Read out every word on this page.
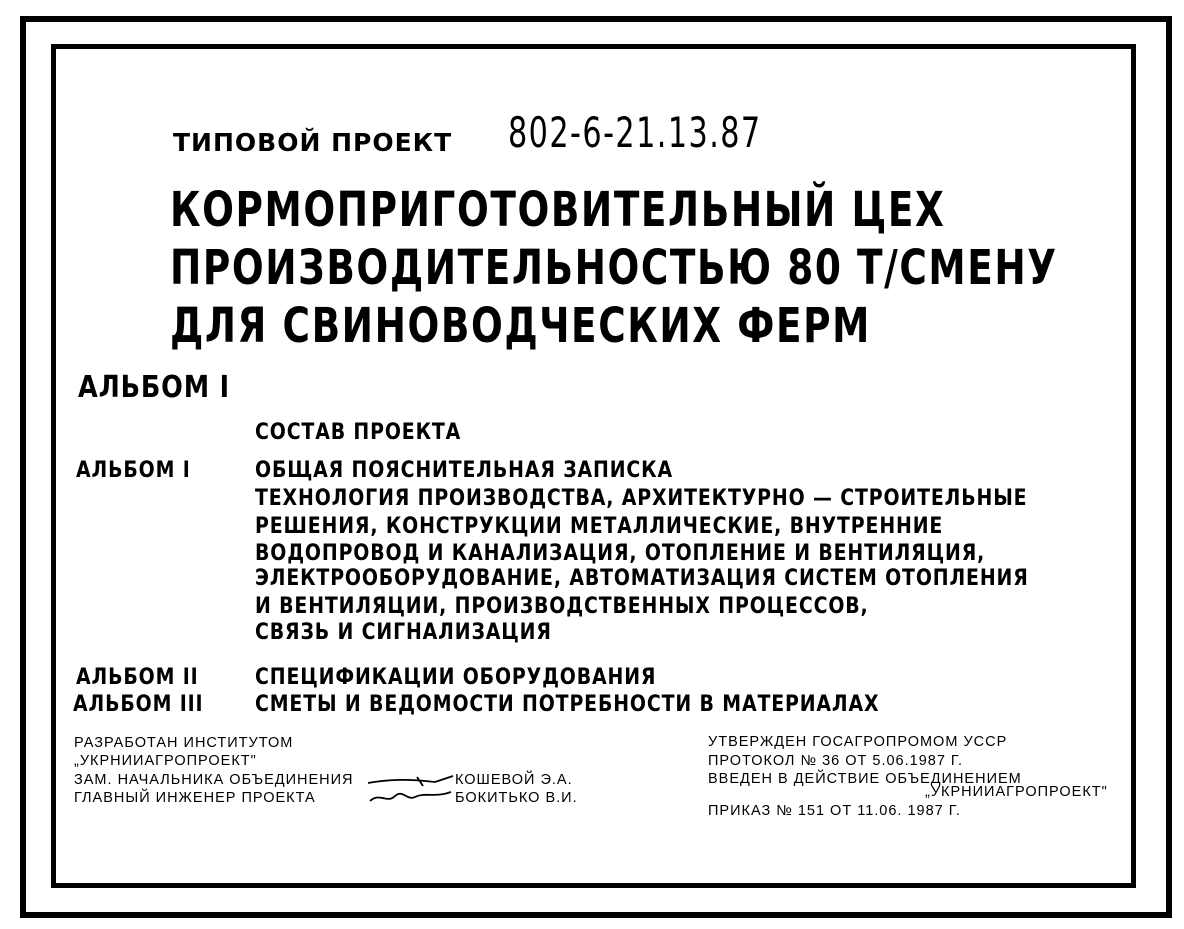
ТИПОВОЙ ПРОЕКТ 802-6-21.13.87
КОРМОПРИГОТОВИТЕЛЬНЫЙ ЦЕХ
ПРОИЗВОДИТЕЛЬНОСТЬЮ 80 Т/СМЕНУ
ДЛЯ СВИНОВОДЧЕСКИХ ФЕРМ
АЛЬБОМ I
СОСТАВ ПРОЕКТА
АЛЬБОМ I	ОБЩАЯ ПОЯСНИТЕЛЬНАЯ ЗАПИСКА
ТЕХНОЛОГИЯ ПРОИЗВОДСТВА, АРХИТЕКТУРНО — СТРОИТЕЛЬНЫЕ
РЕШЕНИЯ, КОНСТРУКЦИИ МЕТАЛЛИЧЕСКИЕ, ВНУТРЕННИЕ
ВОДОПРОВОД И КАНАЛИЗАЦИЯ, ОТОПЛЕНИЕ И ВЕНТИЛЯЦИЯ,
ЭЛЕКТРООБОРУДОВАНИЕ, АВТОМАТИЗАЦИЯ СИСТЕМ ОТОПЛЕНИЯ
И ВЕНТИЛЯЦИИ, ПРОИЗВОДСТВЕННЫХ ПРОЦЕССОВ,
СВЯЗЬ И СИГНАЛИЗАЦИЯ
АЛЬБОМ II	СПЕЦИФИКАЦИИ ОБОРУДОВАНИЯ
АЛЬБОМ III СМЕТЫ И ВЕДОМОСТИ ПОТРЕБНОСТИ В МАТЕРИАЛАХ
РАЗРАБОТАН ИНСТИТУТОМ
„УКРНИИАГРОПРОЕКТ"
ЗАМ. НАЧАЛЬНИКА ОБЪЕДИНЕНИЯ	КОШЕВОЙ Э.А.
ГЛАВНЫЙ ИНЖЕНЕР ПРОЕКТА	БОКИТЬКО В.И.
УТВЕРЖДЕН ГОСАГРОПРОМОМ УССР
ПРОТОКОЛ № 36 ОТ 5.06.1987 Г.
ВВЕДЕН В ДЕЙСТВИЕ ОБЪЕДИНЕНИЕМ
„УКРНИИАГРОПРОЕКТ"
ПРИКАЗ № 151 ОТ 11.06. 1987 Г.
